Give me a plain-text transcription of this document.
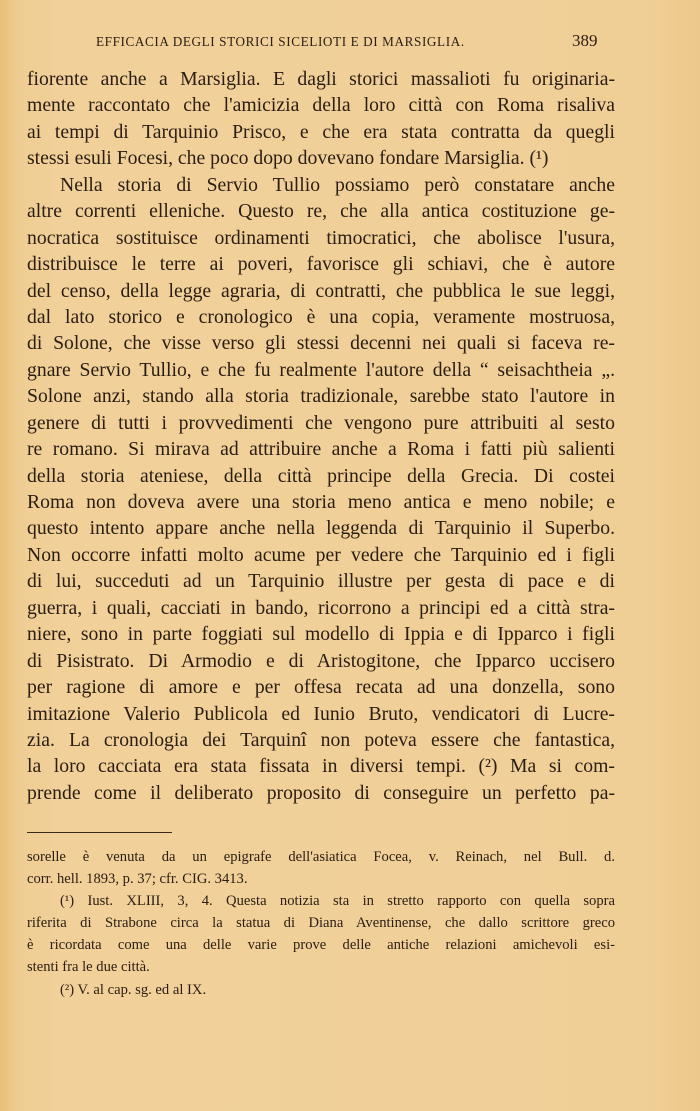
EFFICACIA DEGLI STORICI SICELIOTI E DI MARSIGLIA.	389
fiorente anche a Marsiglia. E dagli storici massalioti fu originaria-
mente raccontato che l'amicizia della loro città con Roma risaliva
ai tempi di Tarquinio Prisco, e che era stata contratta da quegli
stessi esuli Focesi, che poco dopo dovevano fondare Marsiglia. (¹)
Nella storia di Servio Tullio possiamo però constatare anche
altre correnti elleniche. Questo re, che alla antica costituzione ge-
nocratica sostituisce ordinamenti timocratici, che abolisce l'usura,
distribuisce le terre ai poveri, favorisce gli schiavi, che è autore
del censo, della legge agraria, di contratti, che pubblica le sue leggi,
dal lato storico e cronologico è una copia, veramente mostruosa,
di Solone, che visse verso gli stessi decenni nei quali si faceva re-
gnare Servio Tullio, e che fu realmente l'autore della “ seisachtheia „.
Solone anzi, stando alla storia tradizionale, sarebbe stato l'autore in
genere di tutti i provvedimenti che vengono pure attribuiti al sesto
re romano. Si mirava ad attribuire anche a Roma i fatti più salienti
della storia ateniese, della città principe della Grecia. Di costei
Roma non doveva avere una storia meno antica e meno nobile; e
questo intento appare anche nella leggenda di Tarquinio il Superbo.
Non occorre infatti molto acume per vedere che Tarquinio ed i figli
di lui, succeduti ad un Tarquinio illustre per gesta di pace e di
guerra, i quali, cacciati in bando, ricorrono a principi ed a città stra-
niere, sono in parte foggiati sul modello di Ippia e di Ipparco i figli
di Pisistrato. Di Armodio e di Aristogitone, che Ipparco uccisero
per ragione di amore e per offesa recata ad una donzella, sono
imitazione Valerio Publicola ed Iunio Bruto, vendicatori di Lucre-
zia. La cronologia dei Tarquinî non poteva essere che fantastica,
la loro cacciata era stata fissata in diversi tempi. (²) Ma si com-
prende come il deliberato proposito di conseguire un perfetto pa-
sorelle è venuta da un epigrafe dell'asiatica Focea, v. Reinach, nel Bull. d.
corr. hell. 1893, p. 37; cfr. CIG. 3413.
(¹) Iust. XLIII, 3, 4. Questa notizia sta in stretto rapporto con quella sopra
riferita di Strabone circa la statua di Diana Aventinense, che dallo scrittore greco
è ricordata come una delle varie prove delle antiche relazioni amichevoli esi-
stenti fra le due città.
(²) V. al cap. sg. ed al IX.
